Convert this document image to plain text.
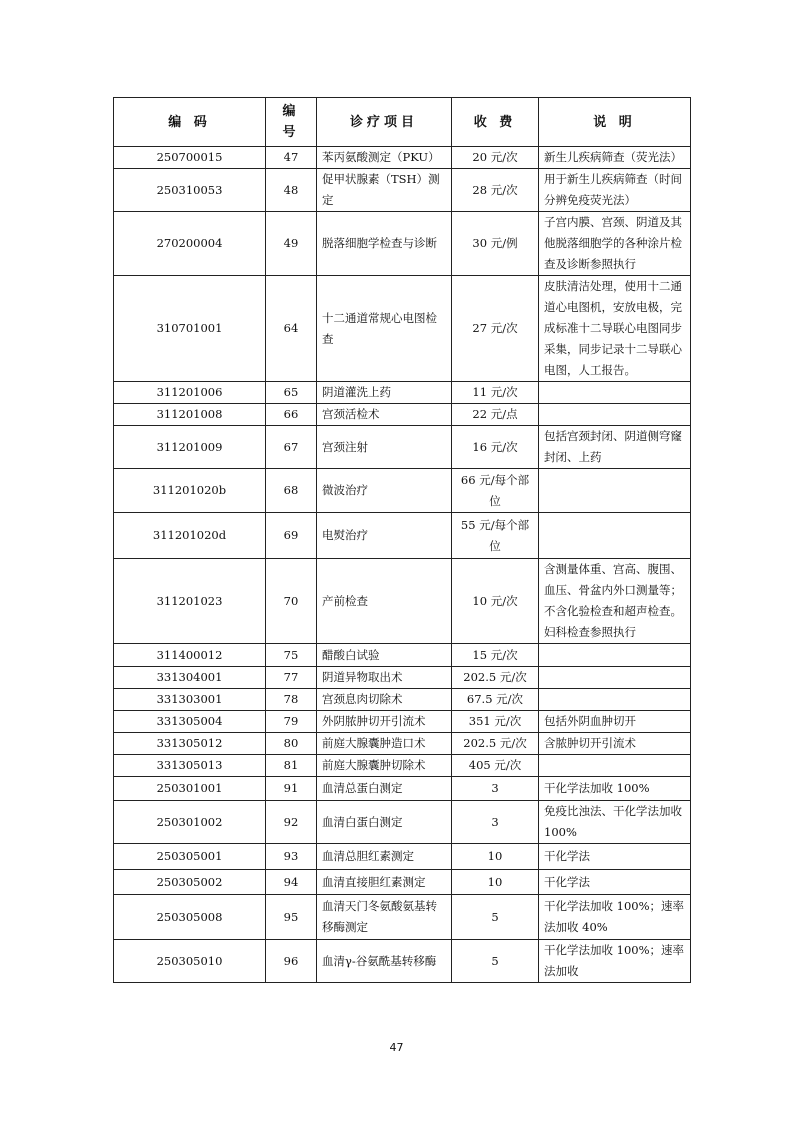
编 码	编 号	诊疗项目	收 费	说 明
250700015	47	苯丙氨酸测定（PKU）	20 元/次	新生儿疾病筛查（荧光法）
250310053	48	促甲状腺素（TSH）测定	28 元/次	用于新生儿疾病筛查（时间分辨免疫荧光法）
270200004	49	脱落细胞学检查与诊断	30 元/例	子宫内膜、宫颈、阴道及其他脱落细胞学的各种涂片检查及诊断参照执行
310701001	64	十二通道常规心电图检查	27 元/次	皮肤清洁处理，使用十二通道心电图机，安放电极，完成标准十二导联心电图同步采集，同步记录十二导联心电图，人工报告。
311201006	65	阴道灌洗上药	11 元/次	
311201008	66	宫颈活检术	22 元/点	
311201009	67	宫颈注射	16 元/次	包括宫颈封闭、阴道侧穹窿封闭、上药
311201020b	68	微波治疗	66 元/每个部位	
311201020d	69	电熨治疗	55 元/每个部位	
311201023	70	产前检查	10 元/次	含测量体重、宫高、腹围、血压、骨盆内外口测量等；不含化验检查和超声检查。妇科检查参照执行
311400012	75	醋酸白试验	15 元/次	
331304001	77	阴道异物取出术	202.5 元/次	
331303001	78	宫颈息肉切除术	67.5 元/次	
331305004	79	外阴脓肿切开引流术	351 元/次	包括外阴血肿切开
331305012	80	前庭大腺囊肿造口术	202.5 元/次	含脓肿切开引流术
331305013	81	前庭大腺囊肿切除术	405 元/次	
250301001	91	血清总蛋白测定	3	干化学法加收 100%
250301002	92	血清白蛋白测定	3	免疫比浊法、干化学法加收 100%
250305001	93	血清总胆红素测定	10	干化学法
250305002	94	血清直接胆红素测定	10	干化学法
250305008	95	血清天门冬氨酸氨基转移酶测定	5	干化学法加收 100%；速率法加收 40%
250305010	96	血清γ-谷氨酰基转移酶	5	干化学法加收 100%；速率法加收
47
